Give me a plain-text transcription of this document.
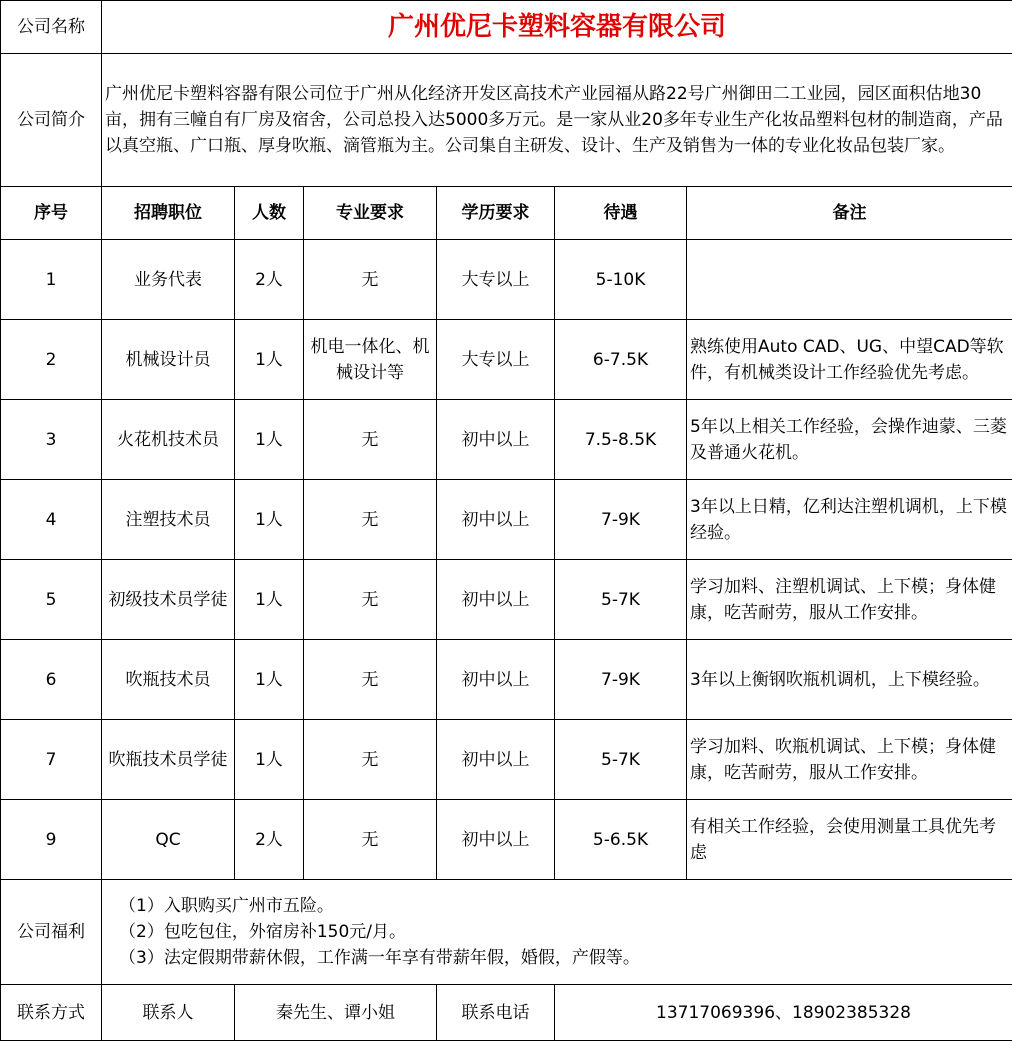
公司名称	广州优尼卡塑料容器有限公司					
公司简介	广州优尼卡塑料容器有限公司位于广州从化经济开发区高技术产业园福从路22号广州御田二工业园，园区面积估地30亩，拥有三幢自有厂房及宿舍，公司总投入达5000多万元。是一家从业20多年专业生产化妆品塑料包材的制造商，产品以真空瓶、广口瓶、厚身吹瓶、滴管瓶为主。公司集自主研发、设计、生产及销售为一体的专业化妆品包装厂家。					
序号	招聘职位	人数	专业要求	学历要求	待遇	备注
1	业务代表	2人	无	大专以上	5-10K	
2	机械设计员	1人	机电一体化、机械设计等	大专以上	6-7.5K	熟练使用Auto CAD、UG、中望CAD等软件，有机械类设计工作经验优先考虑。
3	火花机技术员	1人	无	初中以上	7.5-8.5K	5年以上相关工作经验，会操作迪蒙、三菱及普通火花机。
4	注塑技术员	1人	无	初中以上	7-9K	3年以上日精，亿利达注塑机调机，上下模经验。
5	初级技术员学徒	1人	无	初中以上	5-7K	学习加料、注塑机调试、上下模；身体健康，吃苦耐劳，服从工作安排。
6	吹瓶技术员	1人	无	初中以上	7-9K	3年以上衡钢吹瓶机调机，上下模经验。
7	吹瓶技术员学徒	1人	无	初中以上	5-7K	学习加料、吹瓶机调试、上下模；身体健康，吃苦耐劳，服从工作安排。
9	QC	2人	无	初中以上	5-6.5K	有相关工作经验，会使用测量工具优先考虑
公司福利	（1）入职购买广州市五险。
（2）包吃包住，外宿房补150元/月。
（3）法定假期带薪休假，工作满一年享有带薪年假，婚假，产假等。					

联系方式	联系人	秦先生、谭小姐		联系电话	13717069396、18902385328	
